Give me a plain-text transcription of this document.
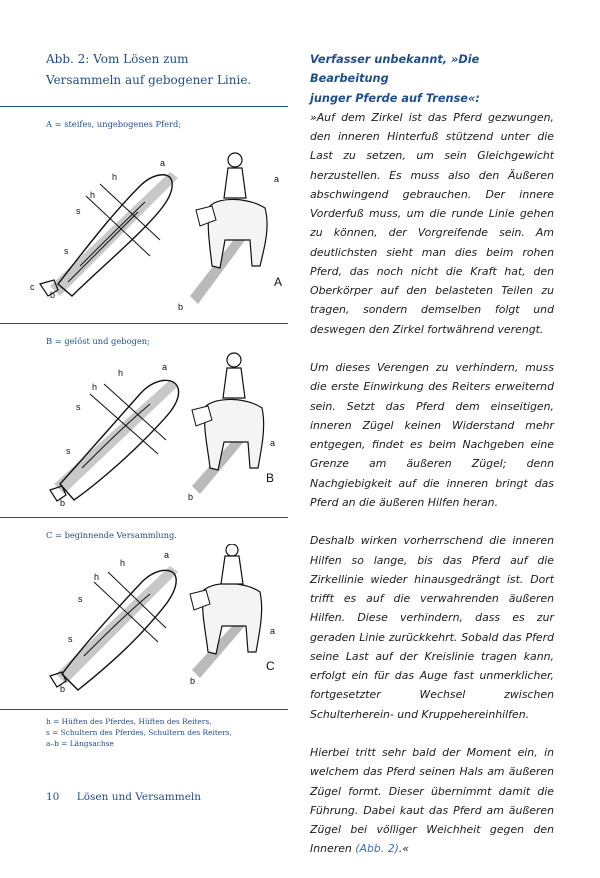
Abb. 2: Vom Lösen zum Versammeln auf gebogener Linie.
A = steifes, ungebogenes Pferd;
a
h
h
s
s
b
c
a
b
A
B = gelöst und gebogen;
a
h
h
s
s
b
a
b
B
C = beginnende Versammlung.
a
h
h
s
s
b
a
b
C
h = Hüften des Pferdes, Hüften des Reiters,
s = Schultern des Pferdes, Schultern des Reiters,
a–b = Längsachse
10 Lösen und Versammeln
Verfasser unbekannt, »Die Bearbeitung
junger Pferde auf Trense«:

»Auf dem Zirkel ist das Pferd gezwungen, den inneren Hinterfuß stützend unter die Last zu setzen, um sein Gleichgewicht herzustellen. Es muss also den Äußeren abschwingend gebrauchen. Der innere Vorderfuß muss, um die runde Linie gehen zu können, der Vorgreifende sein. Am deutlichsten sieht man dies beim rohen Pferd, das noch nicht die Kraft hat, den Oberkörper auf den belasteten Teilen zu tragen, sondern demselben folgt und deswegen den Zirkel fortwährend verengt.

Um dieses Verengen zu verhindern, muss die erste Einwirkung des Reiters erweiternd sein. Setzt das Pferd dem einseitigen, inneren Zügel keinen Widerstand mehr entgegen, findet es beim Nachgeben eine Grenze am äußeren Zügel; denn Nachgiebigkeit auf die inneren bringt das Pferd an die äußeren Hilfen heran.

Deshalb wirken vorherrschend die inneren Hilfen so lange, bis das Pferd auf die Zirkellinie wieder hinausgedrängt ist. Dort trifft es auf die verwahrenden äußeren Hilfen. Diese verhindern, dass es zur geraden Linie zurückkehrt. Sobald das Pferd seine Last auf der Kreislinie tragen kann, erfolgt ein für das Auge fast unmerklicher, fortgesetzter Wechsel zwischen Schulterherein- und Kruppehereinhilfen.

Hierbei tritt sehr bald der Moment ein, in welchem das Pferd seinen Hals am äußeren Zügel formt. Dieser übernimmt damit die Führung. Dabei kaut das Pferd am äußeren Zügel bei völliger Weichheit gegen den Inneren (Abb. 2).«
